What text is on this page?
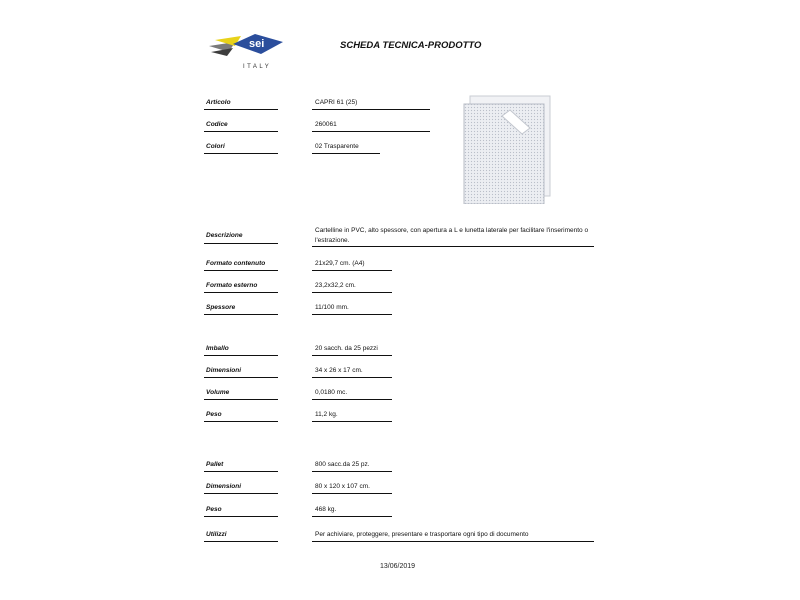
sei
ITALY
SCHEDA TECNICA-PRODOTTO
Articolo	CAPRI 61 (25)
Codice	260061
Colori	02 Trasparente
Descrizione
Cartelline in PVC, alto spessore, con apertura a L e lunetta laterale per facilitare l'inserimento o
l'estrazione.
Formato contenuto	21x29,7 cm. (A4)
Formato esterno	23,2x32,2 cm.
Spessore	11/100 mm.
Imballo	20 sacch. da 25 pezzi
Dimensioni	34 x 26 x 17 cm.
Volume	0,0180 mc.
Peso	11,2 kg.
Pallet	800 sacc.da 25 pz.
Dimensioni	80 x 120 x 107 cm.
Peso	468 kg.
Utilizzi	Per achiviare, proteggere, presentare e trasportare ogni tipo di documento
13/06/2019
